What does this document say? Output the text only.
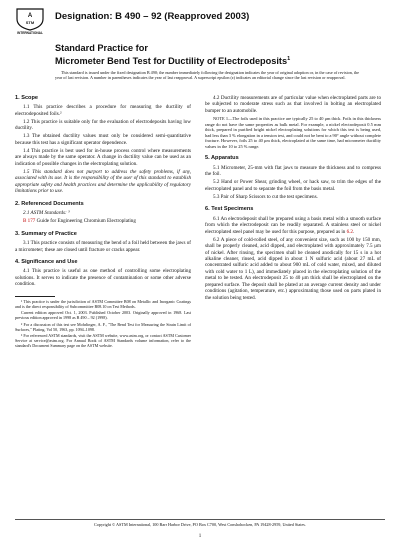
A
STM
INTERNATIONAL
Designation: B 490 – 92 (Reapproved 2003)
Standard Practice for
Micrometer Bend Test for Ductility of Electrodeposits$^1$
This standard is issued under the fixed designation B 490; the number immediately following the designation indicates the year of original adoption or, in the case of revision, the year of last revision. A number in parentheses indicates the year of last reapproval. A superscript epsilon (ε) indicates an editorial change since the last revision or reapproval.
1. Scope
1.1 This practice describes a procedure for measuring the ductility of electrodeposited foils.²
1.2 This practice is suitable only for the evaluation of electrodeposits having low ductility.
1.3 The obtained ductility values must only be considered semi-quantitative because this test has a significant operator dependence.
1.4 This practice is best used for in-house process control where measurements are always made by the same operator. A change in ductility value can be used as an indication of possible changes in the electroplating solution.
1.5 This standard does not purport to address the safety problems, if any, associated with its use. It is the responsibility of the user of this standard to establish appropriate safety and health practices and determine the applicability of regulatory limitations prior to use.
2. Referenced Documents
2.1 ASTM Standards: ³
B 177 Guide for Engineering Chromium Electroplating
3. Summary of Practice
3.1 This practice consists of measuring the bend of a foil held between the jaws of a micrometer; these are closed until fracture or cracks appear.
4. Significance and Use
4.1 This practice is useful as one method of controlling some electroplating solutions. It serves to indicate the presence of contamination or some other adverse condition.
¹ This practice is under the jurisdiction of ASTM Committee B08 on Metallic and Inorganic Coatings and is the direct responsibility of Subcommittee B08.10 on Test Methods.
Current edition approved Oct. 1, 2003. Published October 2003. Originally approved in 1968. Last previous edition approved in 1998 as B 490 – 92 (1998).
² For a discussion of this test see Mohrlinger, A. F., "The Bend Test for Measuring the Strain Limit of Surfaces," Plating, Vol 50, 1963, pp. 1094–1098.
³ For referenced ASTM standards, visit the ASTM website, www.astm.org, or contact ASTM Customer Service at service@astm.org. For Annual Book of ASTM Standards volume information, refer to the standard's Document Summary page on the ASTM website.
4.2 Ductility measurements are of particular value when electroplated parts are to be subjected to moderate stress such as that involved in bolting an electroplated bumper to an automobile.
NOTE 1—The foils used in this practice are typically 25 to 40 μm thick. Foils in this thickness range do not have the same properties as bulk metal. For example, a nickel electrodeposit 0.5 mm thick, prepared in purified bright nickel electroplating solutions for which this test is being used, had less than 3 % elongation in a tension test, and could not be bent to a 90° angle without complete fracture. However, foils 25 to 40 μm thick, electroplated at the same time, had micrometer ductility values in the 10 to 25 % range.
5. Apparatus
5.1 Micrometer, 25-mm with flat jaws to measure the thickness and to compress the foil.
5.2 Hand or Power Shear, grinding wheel, or hack saw, to trim the edges of the electroplated panel and to separate the foil from the basis metal.
5.3 Pair of Sharp Scissors to cut the test specimens.
6. Test Specimens
6.1 An electrodeposit shall be prepared using a basis metal with a smooth surface from which the electrodeposit can be readily separated. A stainless steel or nickel electroplated steel panel may be used for this purpose, prepared as in 6.2.
6.2 A piece of cold-rolled steel, of any convenient size, such as 100 by 150 mm, shall be properly cleaned, acid dipped, and electroplated with approximately 7.5 μm of nickel. After rinsing, the specimen shall be cleaned anodically for 15 s in a hot alkaline cleaner, rinsed, acid dipped in about 1 N sulfuric acid (about 27 mL of concentrated sulfuric acid added to about 900 mL of cold water, mixed, and diluted with cold water to 1 L), and immediately placed in the electroplating solution of the metal to be tested. An electrodeposit 25 to 40 μm thick shall be electroplated on the prepared surface. The deposit shall be plated at an average current density and under conditions (agitation, temperature, etc.) approximating those used on parts plated in the solution being tested.
Copyright © ASTM International, 100 Barr Harbor Drive, PO Box C700, West Conshohocken, PA 19428-2959, United States.
1
